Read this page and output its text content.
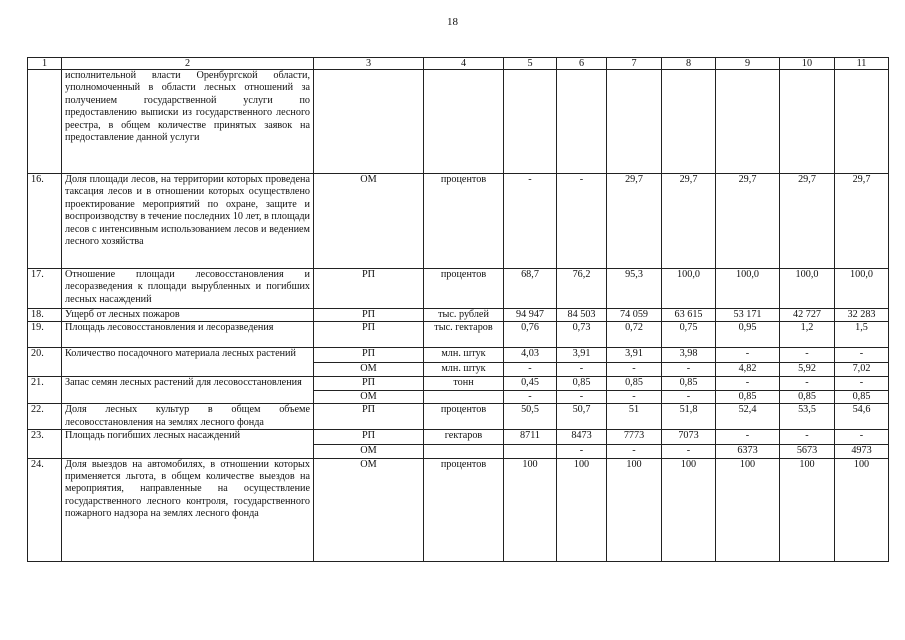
18
1	2	3	4	5	6	7	8	9	10	11
	исполнительной власти Оренбургской области, уполномоченный в области лесных отношений за получением государственной услуги по предоставлению выписки из государственного лесного реестра, в общем количестве принятых заявок на предоставление данной услуги									
16.	Доля площади лесов, на территории которых проведена таксация лесов и в отношении которых осуществлено проектирование мероприятий по охране, защите и воспроизводству в течение последних 10 лет, в площади лесов с интенсивным использованием лесов и ведением лесного хозяйства	ОМ	процентов	-	-	29,7	29,7	29,7	29,7	29,7
17.	Отношение площади лесовосстановления и лесоразведения к площади вырубленных и погибших лесных насаждений	РП	процентов	68,7	76,2	95,3	100,0	100,0	100,0	100,0
18.	Ущерб от лесных пожаров	РП	тыс. рублей	94 947	84 503	74 059	63 615	53 171	42 727	32 283
19.	Площадь лесовосстановления и лесоразведения	РП	тыс. гектаров	0,76	0,73	0,72	0,75	0,95	1,2	1,5
20.	Количество посадочного материала лесных растений	РП	млн. штук	4,03	3,91	3,91	3,98	-	-	-
		ОМ	млн. штук	-	-	-	-	4,82	5,92	7,02
21.	Запас семян лесных растений для лесовосстановления	РП	тонн	0,45	0,85	0,85	0,85	-	-	-
		ОМ		-	-	-	-	0,85	0,85	0,85
22.	Доля лесных культур в общем объеме лесовосстановления на землях лесного фонда	РП	процентов	50,5	50,7	51	51,8	52,4	53,5	54,6
23.	Площадь погибших лесных насаждений	РП	гектаров	8711	8473	7773	7073	-	-	-
		ОМ			-	-	-	6373	5673	4973
24.	Доля выездов на автомобилях, в отношении которых применяется льгота, в общем количестве выездов на мероприятия, направленные на осуществление государственного лесного контроля, государственного пожарного надзора на землях лесного фонда	ОМ	процентов	100	100	100	100	100	100	100
